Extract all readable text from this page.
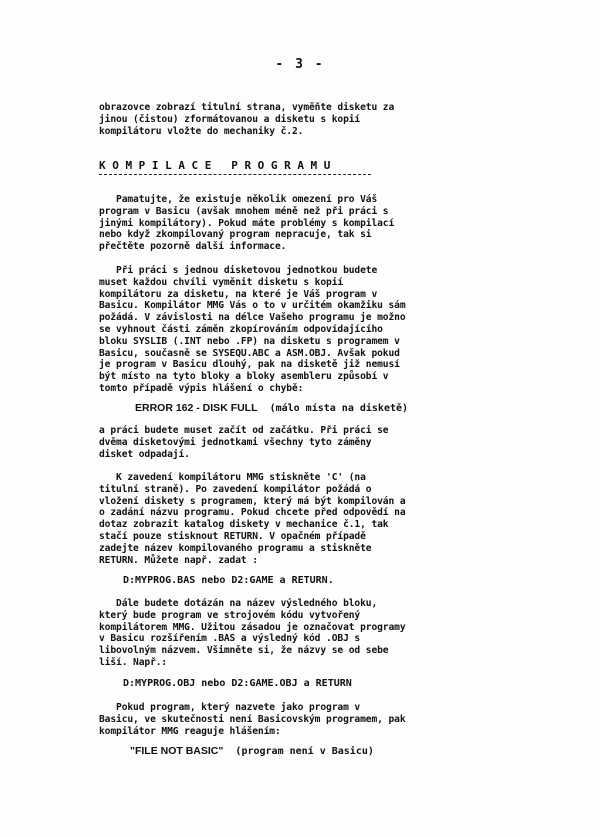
- 3 -
obrazovce zobrazí titulní strana, vyměňte disketu za
jinou (čistou) zformátovanou a disketu s kopií
kompilátoru vložte do mechaniky č.2.
KOMPILACE PROGRAMU
Pamatujte, že existuje několik omezení pro Váš
program v Basicu (avšak mnohem méně než při práci s
jinými kompilátory). Pokud máte problémy s kompilací
nebo když zkompilovaný program nepracuje, tak si
přečtěte pozorně další informace.
Při práci s jednou disketovou jednotkou budete
muset každou chvíli vyměnit disketu s kopií
kompilátoru za disketu, na které je Váš program v
Basicu. Kompilátor MMG Vás o to v určitém okamžiku sám
požádá. V závislosti na délce Vašeho programu je možno
se vyhnout části záměn zkopírováním odpovídajícího
bloku SYSLIB (.INT nebo .FP) na disketu s programem v
Basicu, současně se SYSEQU.ABC a ASM.OBJ. Avšak pokud
je program v Basicu dlouhý, pak na disketě již nemusí
být místo na tyto bloky a bloky asembleru způsobí v
tomto případě výpis hlášení o chybě:
ERROR 162 - DISK FULL (málo místa na disketě)
a práci budete muset začít od začátku. Při práci se
dvěma disketovými jednotkami všechny tyto záměny
disket odpadají.
K zavedení kompilátoru MMG stiskněte 'C' (na
titulní straně). Po zavedení kompilátor požádá o
vložení diskety s programem, který má být kompilován a
o zadání názvu programu. Pokud chcete před odpovědí na
dotaz zobrazit katalog diskety v mechanice č.1, tak
stačí pouze stisknout RETURN. V opačném případě
zadejte název kompilovaného programu a stiskněte
RETURN. Můžete např. zadat :
D:MYPROG.BAS nebo D2:GAME a RETURN.
Dále budete dotázán na název výsledného bloku,
který bude program ve strojovém kódu vytvořený
kompilátorem MMG. Užitou zásadou je označovat programy
v Basicu rozšířením .BAS a výsledný kód .OBJ s
libovolným názvem. Všimněte si, že názvy se od sebe
liší. Např.:
D:MYPROG.OBJ nebo D2:GAME.OBJ a RETURN
Pokud program, který nazvete jako program v
Basicu, ve skutečnosti není Basicovským programem, pak
kompilátor MMG reaguje hlášením:
"FILE NOT BASIC" (program není v Basicu)
